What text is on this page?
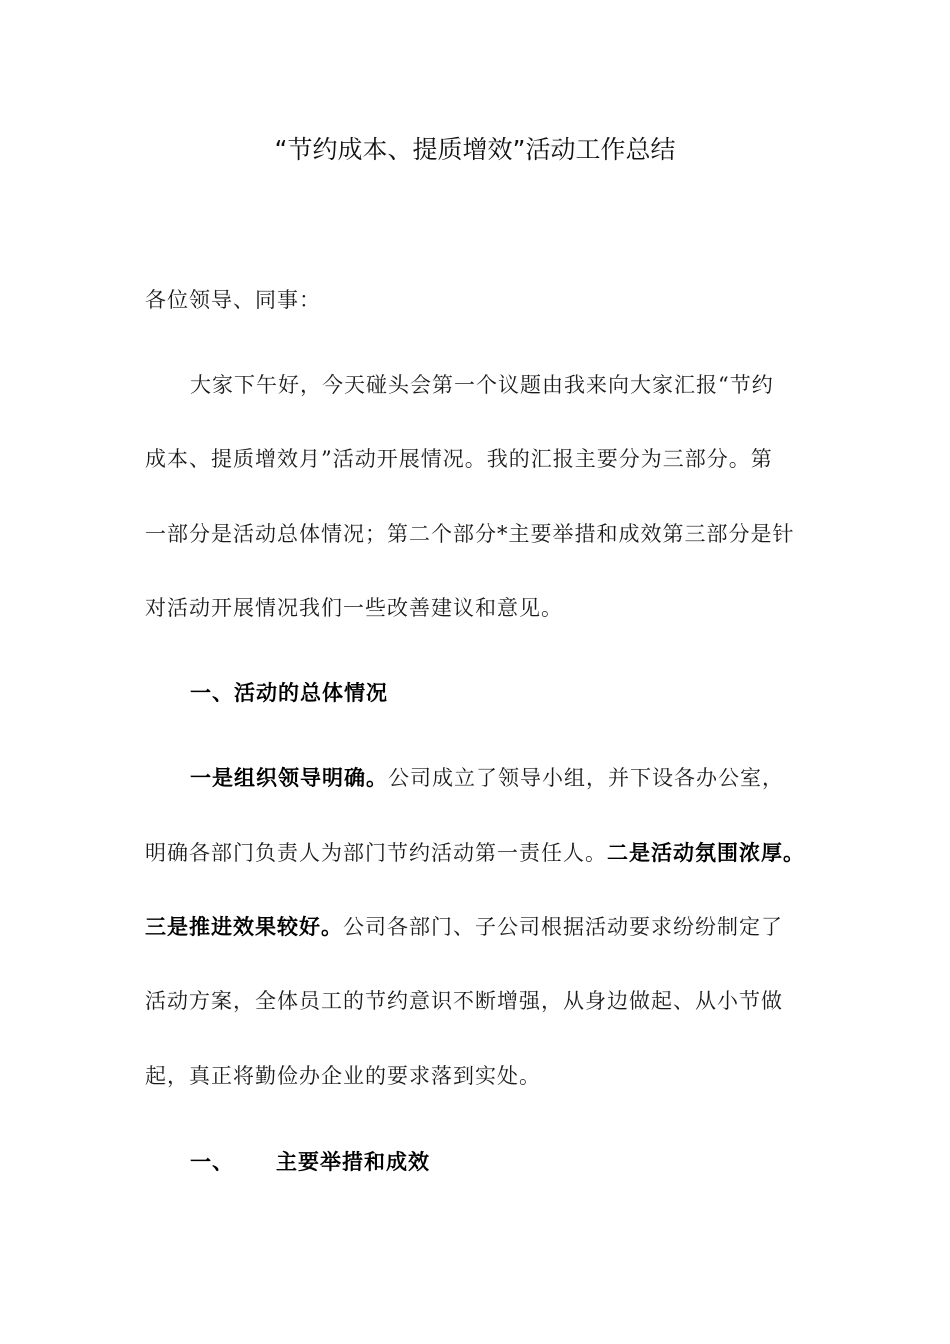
“节约成本、提质增效”活动工作总结
各位领导、同事：
大家下午好，今天碰头会第一个议题由我来向大家汇报“节约
成本、提质增效月”活动开展情况。我的汇报主要分为三部分。第
一部分是活动总体情况；第二个部分*主要举措和成效第三部分是针
对活动开展情况我们一些改善建议和意见。
一、活动的总体情况
一是组织领导明确。公司成立了领导小组，并下设各办公室，
明确各部门负责人为部门节约活动第一责任人。二是活动氛围浓厚。
三是推进效果较好。公司各部门、子公司根据活动要求纷纷制定了
活动方案，全体员工的节约意识不断增强，从身边做起、从小节做
起，真正将勤俭办企业的要求落到实处。
一、 主要举措和成效
